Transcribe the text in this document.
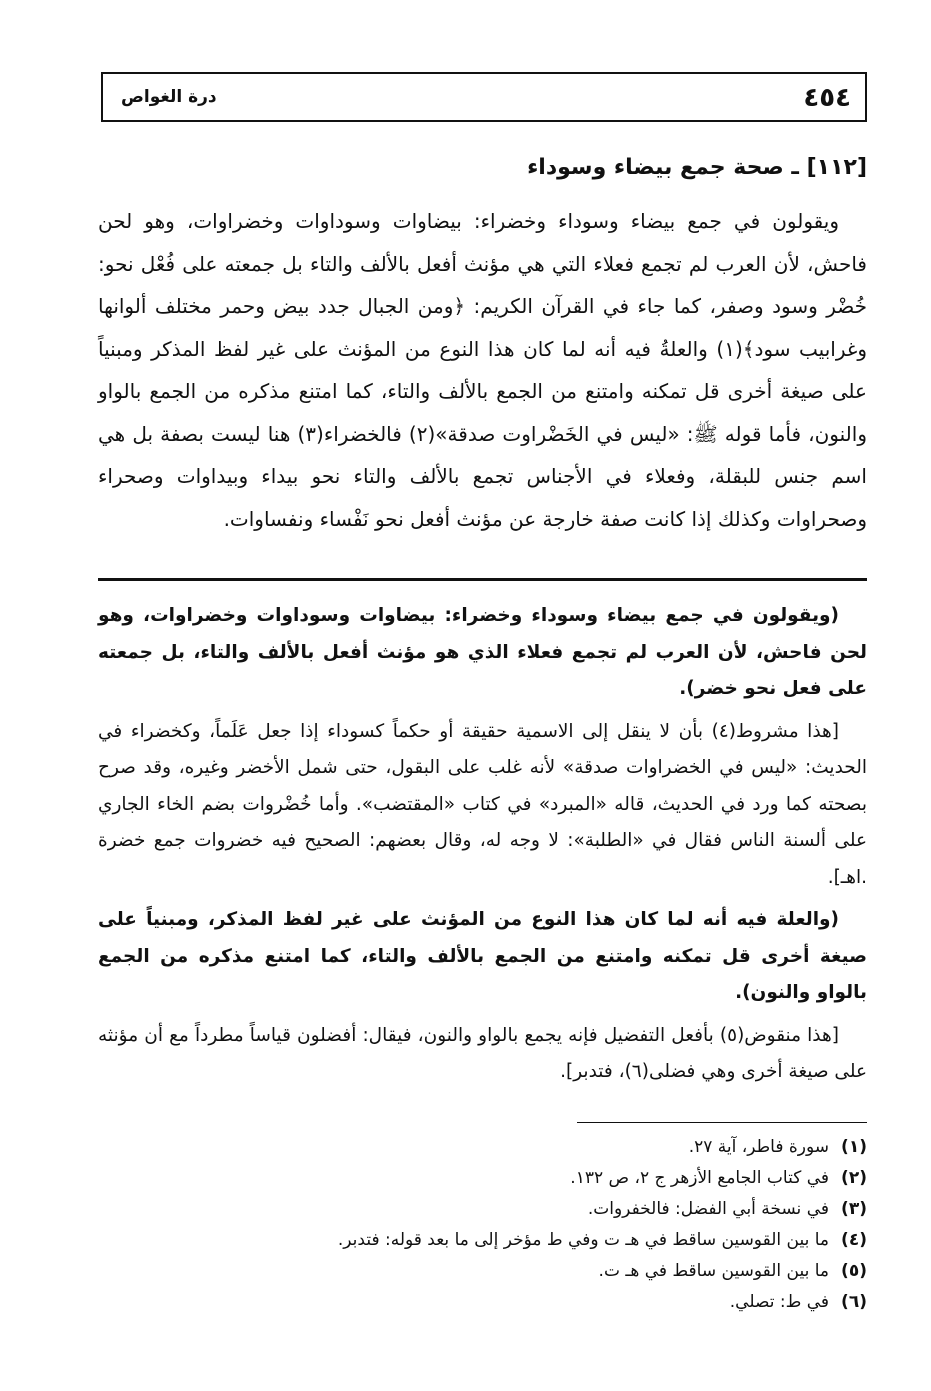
٤٥٤
درة الغواص
[١١٢] ـ صحة جمع بيضاء وسوداء

ويقولون في جمع بيضاء وسوداء وخضراء: بيضاوات وسوداوات وخضراوات، وهو لحن فاحش، لأن العرب لم تجمع فعلاء التي هي مؤنث أفعل بالألف والتاء بل جمعته على فُعْل نحو: خُضْر وسود وصفر، كما جاء في القرآن الكريم: ﴿ومن الجبال جدد بيض وحمر مختلف ألوانها وغرابيب سود﴾(١) والعلةُ فيه أنه لما كان هذا النوع من المؤنث على غير لفظ المذكر ومبنياً على صيغة أخرى قل تمكنه وامتنع من الجمع بالألف والتاء، كما امتنع مذكره من الجمع بالواو والنون، فأما قوله ﷺ: «ليس في الخَضْراوت صدقة»(٢) فالخضراء(٣) هنا ليست بصفة بل هي اسم جنس للبقلة، وفعلاء في الأجناس تجمع بالألف والتاء نحو بيداء وبيداوات وصحراء وصحراوات وكذلك إذا كانت صفة خارجة عن مؤنث أفعل نحو نَفْساء ونفساوات.

(ويقولون في جمع بيضاء وسوداء وخضراء: بيضاوات وسوداوات وخضراوات، وهو لحن فاحش، لأن العرب لم تجمع فعلاء الذي هو مؤنث أفعل بالألف والتاء، بل جمعته على فعل نحو خضر).

[هذا مشروط(٤) بأن لا ينقل إلى الاسمية حقيقة أو حكماً كسوداء إذا جعل عَلَماً، وكخضراء في الحديث: «ليس في الخضراوات صدقة» لأنه غلب على البقول، حتى شمل الأخضر وغيره، وقد صرح بصحته كما ورد في الحديث، قاله «المبرد» في كتاب «المقتضب». وأما خُضْروات بضم الخاء الجاري على ألسنة الناس فقال في «الطلبة»: لا وجه له، وقال بعضهم: الصحيح فيه خضروات جمع خضرة .اهـ].

(والعلة فيه أنه لما كان هذا النوع من المؤنث على غير لفظ المذكر، ومبنياً على صيغة أخرى قل تمكنه وامتنع من الجمع بالألف والتاء، كما امتنع مذكره من الجمع بالواو والنون).

[هذا منقوض(٥) بأفعل التفضيل فإنه يجمع بالواو والنون، فيقال: أفضلون قياساً مطرداً مع أن مؤنثه على صيغة أخرى وهي فضلى(٦)، فتدبر].

(١)
سورة فاطر، آية ٢٧.
(٢)
في كتاب الجامع الأزهر ج ٢، ص ١٣٢.
(٣)
في نسخة أبي الفضل: فالخفروات.
(٤)
ما بين القوسين ساقط في هـ ت وفي ط مؤخر إلى ما بعد قوله: فتدبر.
(٥)
ما بين القوسين ساقط في هـ ت.
(٦)
في ط: تصلي.
